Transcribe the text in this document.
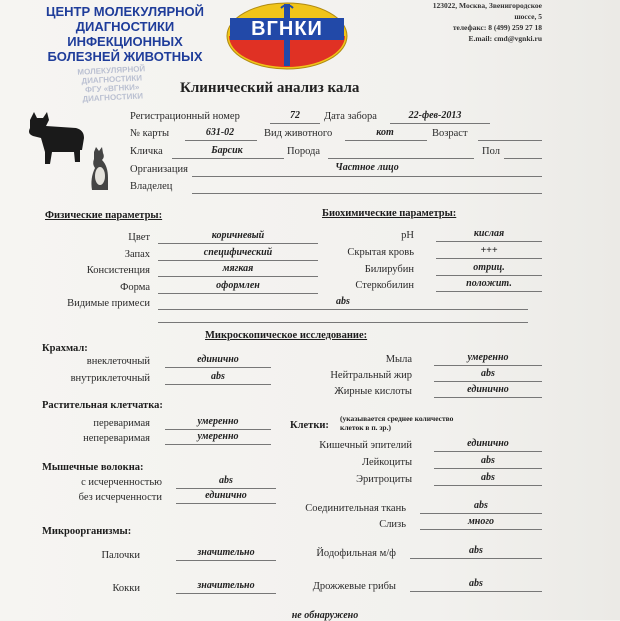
ЦЕНТР МОЛЕКУЛЯРНОЙ
ДИАГНОСТИКИ
ИНФЕКЦИОННЫХ
БОЛЕЗНЕЙ ЖИВОТНЫХ
МОЛЕКУЛЯРНОЙ
ДИАГНОСТИКИ
ФГУ «ВГНКИ»
ДИАГНОСТИКИ
ВГНКИ
123022, Москва, Звенигородское
шоссе, 5
телефакс: 8 (499) 259 27 18
E.mail: cmd@vgnki.ru
Клинический анализ кала
Регистрационный номер	72	Дата забора	22-фев-2013
№ карты	631-02	Вид животного	кот	Возраст
Кличка	Барсик	Порода	Пол
Организация	Частное лицо
Владелец
Физические параметры:
Цвет	коричневый
Запах	специфический
Консистенция	мягкая
Форма	оформлен
Видимые примеси	abs
Биохимические параметры:
pH	кислая
Скрытая кровь	+++
Билирубин	отриц.
Стеркобилин	положит.
Микроскопическое исследование:
Крахмал:
внеклеточный	единично
внутриклеточный	abs
Мыла	умеренно
Нейтральный жир	abs
Жирные кислоты	единично
Растительная клетчатка:
переваримая	умеренно
непереваримая	умеренно
Клетки:
(указывается среднее количество
клеток в п. зр.)
Кишечный эпителий	единично
Лейкоциты	abs
Эритроциты	abs
Мышечные волокна:
с исчерченностью	abs
без исчерченности	единично
Соединительная ткань	abs
Слизь	много
Микроорганизмы:
Палочки	значительно
Кокки	значительно
Йодофильная м/ф	abs
Дрожжевые грибы	abs
не обнаружено
